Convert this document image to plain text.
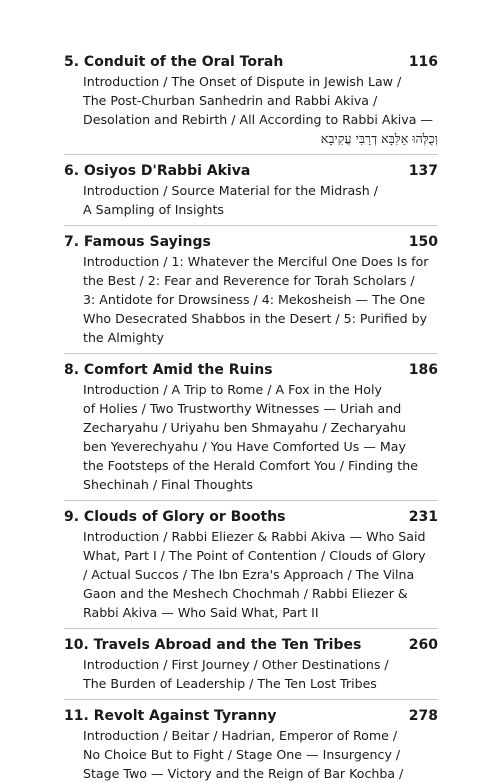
5. Conduit of the Oral Torah	116
Introduction / The Onset of Dispute in Jewish Law /
The Post-Churban Sanhedrin and Rabbi Akiva /
Desolation and Rebirth / All According to Rabbi Akiva —
וְכֻלְּהוּ אַלִּבָּא דְרַבִּי עֲקִיבָא
6. Osiyos D'Rabbi Akiva	137
Introduction / Source Material for the Midrash /
A Sampling of Insights
7. Famous Sayings	150
Introduction / 1: Whatever the Merciful One Does Is for
the Best / 2: Fear and Reverence for Torah Scholars /
3: Antidote for Drowsiness / 4: Mekosheish — The One
Who Desecrated Shabbos in the Desert / 5: Purified by
the Almighty
8. Comfort Amid the Ruins	186
Introduction / A Trip to Rome / A Fox in the Holy
of Holies / Two Trustworthy Witnesses — Uriah and
Zecharyahu / Uriyahu ben Shmayahu / Zecharyahu
ben Yeverechyahu / You Have Comforted Us — May
the Footsteps of the Herald Comfort You / Finding the
Shechinah / Final Thoughts
9. Clouds of Glory or Booths	231
Introduction / Rabbi Eliezer & Rabbi Akiva — Who Said
What, Part I / The Point of Contention / Clouds of Glory
/ Actual Succos / The Ibn Ezra's Approach / The Vilna
Gaon and the Meshech Chochmah / Rabbi Eliezer &
Rabbi Akiva — Who Said What, Part II
10. Travels Abroad and the Ten Tribes	260
Introduction / First Journey / Other Destinations /
The Burden of Leadership / The Ten Lost Tribes
11. Revolt Against Tyranny	278
Introduction / Beitar / Hadrian, Emperor of Rome /
No Choice But to Fight / Stage One — Insurgency /
Stage Two — Victory and the Reign of Bar Kochba /
